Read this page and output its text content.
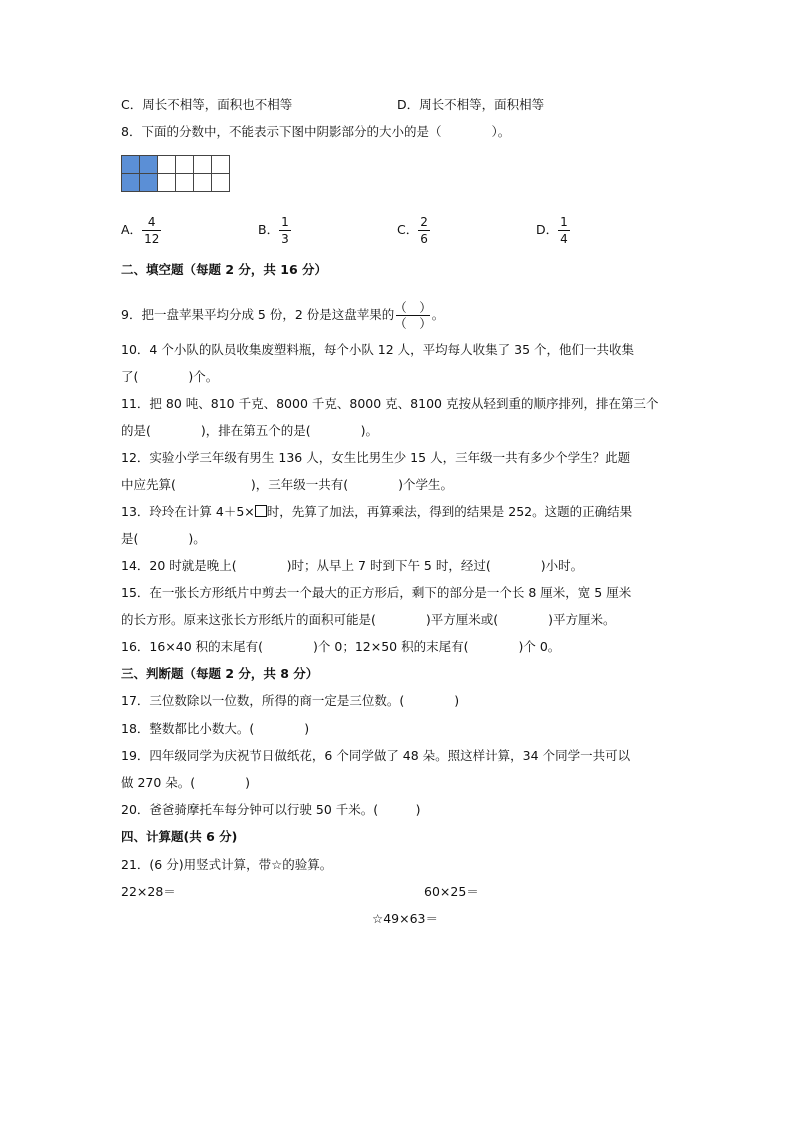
C．周长不相等，面积也不相等	D．周长不相等，面积相等
8．下面的分数中，不能表示下图中阴影部分的大小的是（　　　　）。

A． $\frac{4}{12}$	B． $\frac{1}{3}$	C． $\frac{2}{6}$	D． $\frac{1}{4}$
二、填空题（每题 2 分，共 16 分）
9．把一盘苹果平均分成 5 份，2 份是这盘苹果的 （　）
（　）
。
10．4 个小队的队员收集废塑料瓶，每个小队 12 人，平均每人收集了 35 个，他们一共收集
了(　　　　)个。
11．把 80 吨、810 千克、8000 千克、8000 克、8100 克按从轻到重的顺序排列，排在第三个
的是(　　　　)，排在第五个的是(　　　　)。
12．实验小学三年级有男生 136 人，女生比男生少 15 人，三年级一共有多少个学生？此题
中应先算(　　　　　　)，三年级一共有(　　　　)个学生。
13．玲玲在计算 4＋5× 时，先算了加法，再算乘法，得到的结果是 252。这题的正确结果
是(　　　　)。
14．20 时就是晚上(　　　　)时；从早上 7 时到下午 5 时，经过(　　　　)小时。
15．在一张长方形纸片中剪去一个最大的正方形后，剩下的部分是一个长 8 厘米，宽 5 厘米
的长方形。原来这张长方形纸片的面积可能是(　　　　)平方厘米或(　　　　)平方厘米。
16．16×40 积的末尾有(　　　　)个 0；12×50 积的末尾有(　　　　)个 0。
三、判断题（每题 2 分，共 8 分）
17．三位数除以一位数，所得的商一定是三位数。(　　　　)
18．整数都比小数大。(　　　　)
19．四年级同学为庆祝节日做纸花，6 个同学做了 48 朵。照这样计算，34 个同学一共可以
做 270 朵。(　　　　)
20．爸爸骑摩托车每分钟可以行驶 50 千米。(　　　)
四、计算题(共 6 分)
21．(6 分)用竖式计算，带☆的验算。
22×28＝	60×25＝
☆49×63＝
